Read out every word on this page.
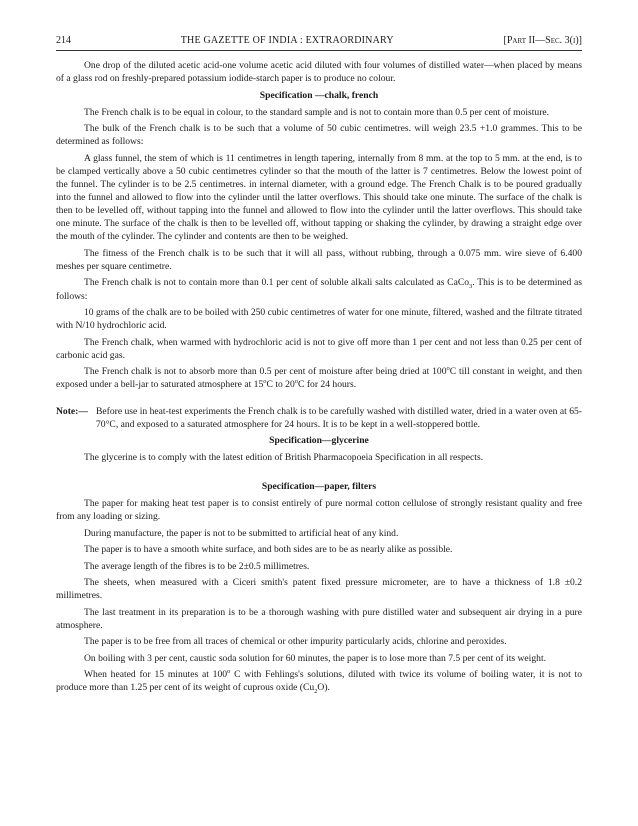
214	THE GAZETTE OF INDIA : EXTRAORDINARY	[Part II—Sec. 3(i)]

One drop of the diluted acetic acid-one volume acetic acid diluted with four volumes of distilled water—when placed by means of a glass rod on freshly-prepared potassium iodide-starch paper is to produce no colour.

Specification —chalk, french

The French chalk is to be equal in colour, to the standard sample and is not to contain more than 0.5 per cent of moisture.

The bulk of the French chalk is to be such that a volume of 50 cubic centimetres. will weigh 23.5 +1.0 grammes. This to be determined as follows:

A glass funnel, the stem of which is 11 centimetres in length tapering, internally from 8 mm. at the top to 5 mm. at the end, is to be clamped vertically above a 50 cubic centimetres cylinder so that the mouth of the latter is 7 centimetres. Below the lowest point of the funnel. The cylinder is to be 2.5 centimetres. in internal diameter, with a ground edge. The French Chalk is to be poured gradually into the funnel and allowed to flow into the cylinder until the latter overflows. This should take one minute. The surface of the chalk is then to be levelled off, without tapping into the funnel and allowed to flow into the cylinder until the latter overflows. This should take one minute. The surface of the chalk is then to be levelled off, without tapping or shaking the cylinder, by drawing a straight edge over the mouth of the cylinder. The cylinder and contents are then to be weighed.

The fitness of the French chalk is to be such that it will all pass, without rubbing, through a 0.075 mm. wire sieve of 6.400 meshes per square centimetre.

The French chalk is not to contain more than 0.1 per cent of soluble alkali salts calculated as CaCo$_3$. This is to be determined as follows:

10 grams of the chalk are to be boiled with 250 cubic centimetres of water for one minute, filtered, washed and the filtrate titrated with N/10 hydrochloric acid.

The French chalk, when warmed with hydrochloric acid is not to give off more than 1 per cent and not less than 0.25 per cent of carbonic acid gas.

The French chalk is not to absorb more than 0.5 per cent of moisture after being dried at 100$^o$C till constant in weight, and then exposed under a bell-jar to saturated atmosphere at 15$^o$C to 20$^o$C for 24 hours.

Note:— Before use in heat-test experiments the French chalk is to be carefully washed with distilled water, dried in a water oven at 65-70°C, and exposed to a saturated atmosphere for 24 hours. It is to be kept in a well-stoppered bottle.

Specification—glycerine

The glycerine is to comply with the latest edition of British Pharmacopoeia Specification in all respects.

Specification—paper, filters

The paper for making heat test paper is to consist entirely of pure normal cotton cellulose of strongly resistant quality and free from any loading or sizing.

During manufacture, the paper is not to be submitted to artificial heat of any kind.

The paper is to have a smooth white surface, and both sides are to be as nearly alike as possible.

The average length of the fibres is to be 2±0.5 millimetres.

The sheets, when measured with a Ciceri smith's patent fixed pressure micrometer, are to have a thickness of 1.8 ±0.2 millimetres.

The last treatment in its preparation is to be a thorough washing with pure distilled water and subsequent air drying in a pure atmosphere.

The paper is to be free from all traces of chemical or other impurity particularly acids, chlorine and peroxides.

On boiling with 3 per cent, caustic soda solution for 60 minutes, the paper is to lose more than 7.5 per cent of its weight.

When heated for 15 minutes at 100$^o$ C with Fehlings's solutions, diluted with twice its volume of boiling water, it is not to produce more than 1.25 per cent of its weight of cuprous oxide $(Cu_2O)$.
